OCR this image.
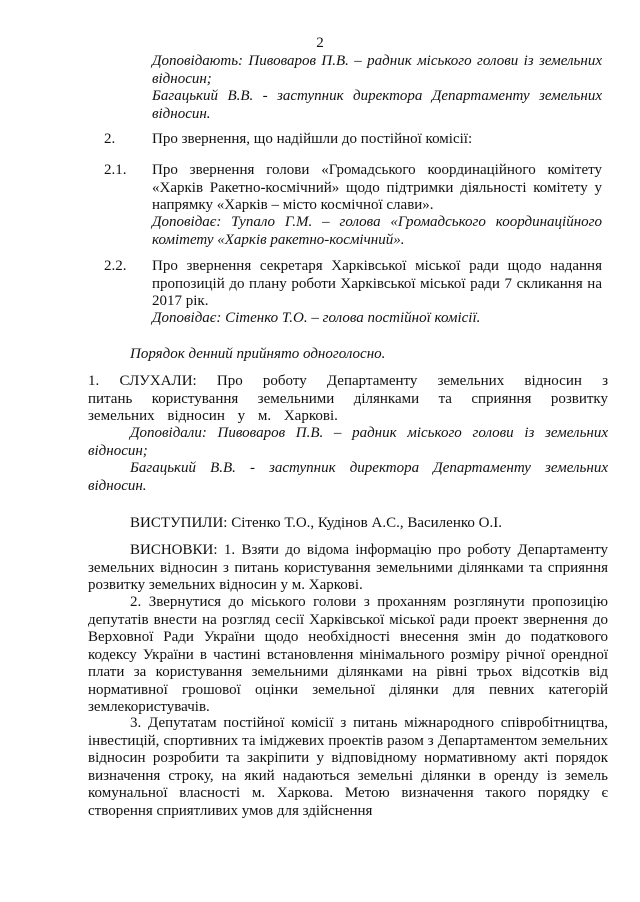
2
Доповідають: Пивоваров П.В. – радник міського голови із земельних відносин;
Багацький В.В. - заступник директора Департаменту земельних відносин.
2. Про звернення, що надійшли до постійної комісії:
2.1. Про звернення голови «Громадського координаційного комітету «Харків Ракетно-космічний» щодо підтримки діяльності комітету у напрямку «Харків – місто космічної слави».
Доповідає: Тупало Г.М. – голова «Громадського координаційного комітету «Харків ракетно-космічний».
2.2. Про звернення секретаря Харківської міської ради щодо надання пропозицій до плану роботи Харківської міської ради 7 скликання на 2017 рік.
Доповідає: Сітенко Т.О. – голова постійної комісії.
Порядок денний прийнято одноголосно.
1. СЛУХАЛИ: Про роботу Департаменту земельних відносин з питань користування земельними ділянками та сприяння розвитку земельних відносин у м. Харкові.
Доповідали: Пивоваров П.В. – радник міського голови із земельних відносин;
Багацький В.В. - заступник директора Департаменту земельних відносин.
ВИСТУПИЛИ: Сітенко Т.О., Кудінов А.С., Василенко О.І.
ВИСНОВКИ: 1. Взяти до відома інформацію про роботу Департаменту земельних відносин з питань користування земельними ділянками та сприяння розвитку земельних відносин у м. Харкові.
2. Звернутися до міського голови з проханням розглянути пропозицію депутатів внести на розгляд сесії Харківської міської ради проект звернення до Верховної Ради України щодо необхідності внесення змін до податкового кодексу України в частині встановлення мінімального розміру річної орендної плати за користування земельними ділянками на рівні трьох відсотків від нормативної грошової оцінки земельної ділянки для певних категорій землекористувачів.
3. Депутатам постійної комісії з питань міжнародного співробітництва, інвестицій, спортивних та іміджевих проектів разом з Департаментом земельних відносин розробити та закріпити у відповідному нормативному акті порядок визначення строку, на який надаються земельні ділянки в оренду із земель комунальної власності м. Харкова. Метою визначення такого порядку є створення сприятливих умов для здійснення
